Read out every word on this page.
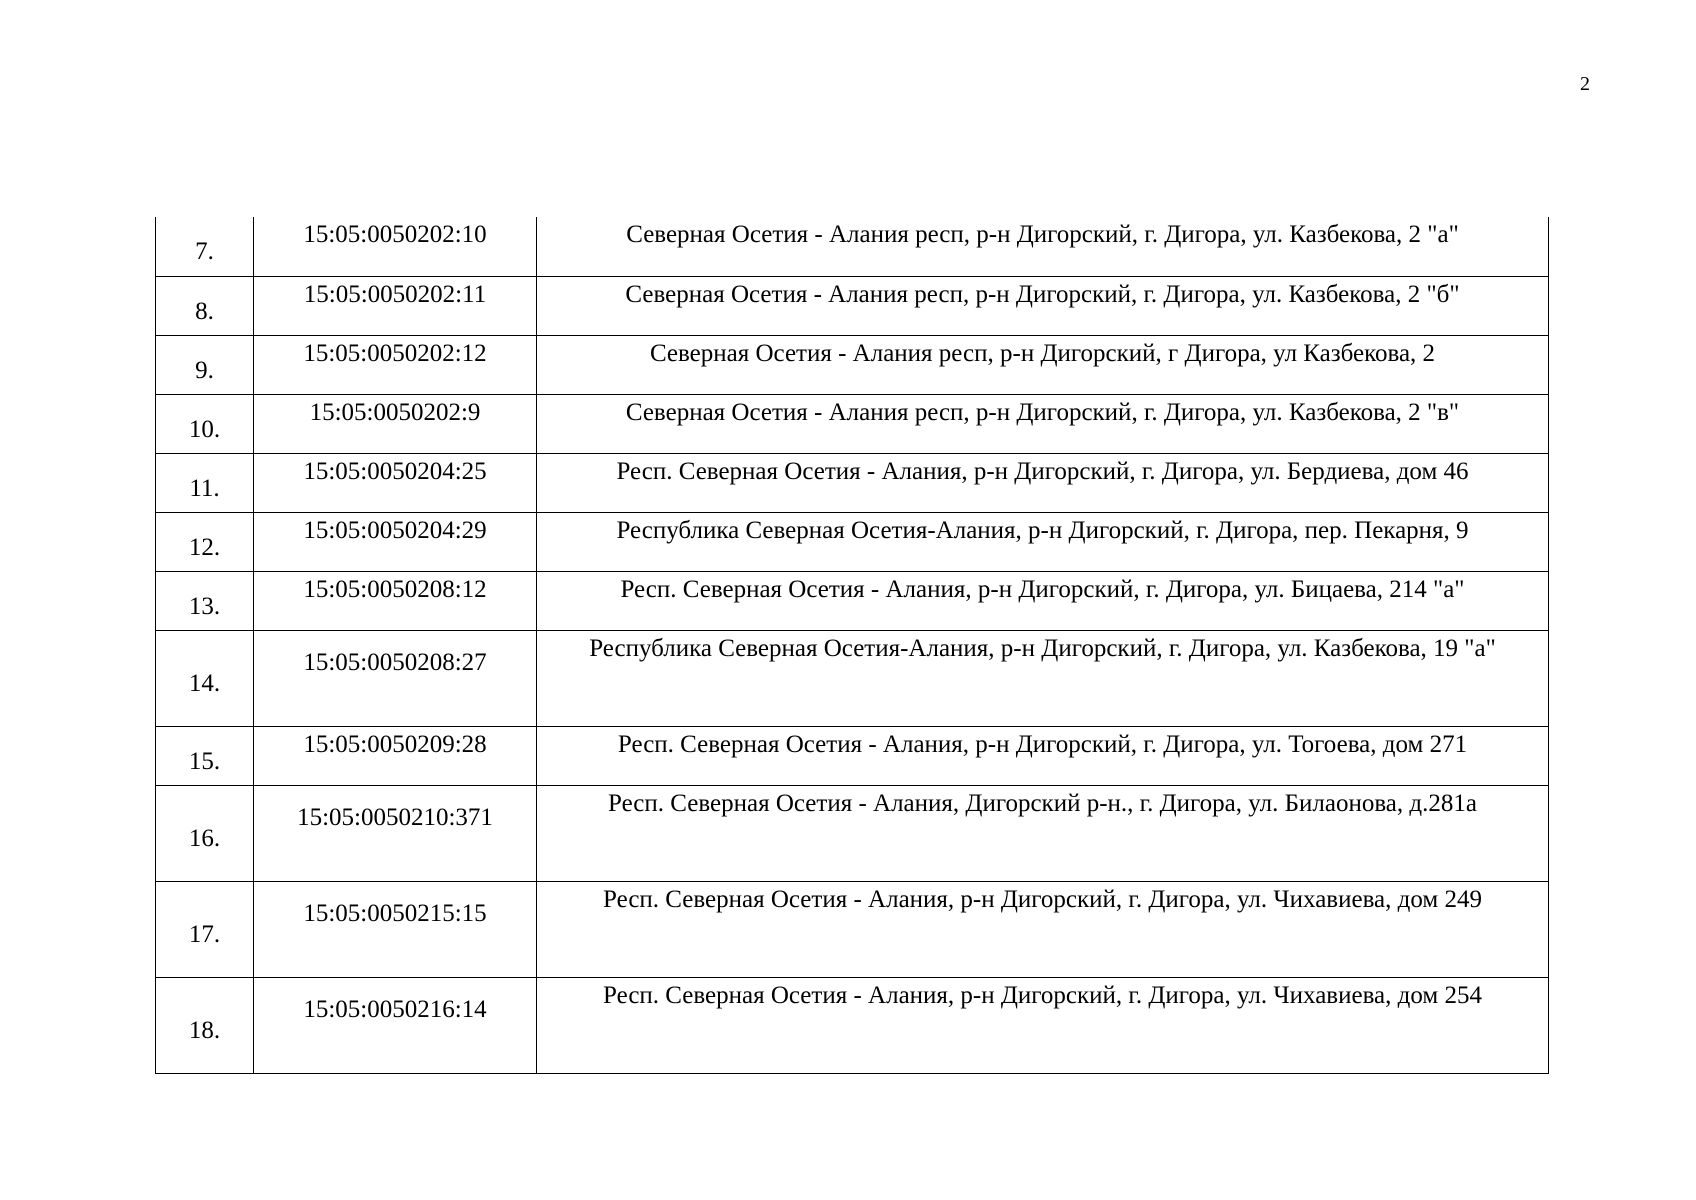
2
7.	15:05:0050202:10	Северная Осетия - Алания респ, р-н Дигорский, г. Дигора, ул. Казбекова, 2 "а"
8.	15:05:0050202:11	Северная Осетия - Алания респ, р-н Дигорский, г. Дигора, ул. Казбекова, 2 "б"
9.	15:05:0050202:12	Северная Осетия - Алания респ, р-н Дигорский, г Дигора, ул Казбекова, 2
10.	15:05:0050202:9	Северная Осетия - Алания респ, р-н Дигорский, г. Дигора, ул. Казбекова, 2 "в"
11.	15:05:0050204:25	Респ. Северная Осетия - Алания, р-н Дигорский, г. Дигора, ул. Бердиева, дом 46
12.	15:05:0050204:29	Республика Северная Осетия-Алания, р-н Дигорский, г. Дигора, пер. Пекарня, 9
13.	15:05:0050208:12	Респ. Северная Осетия - Алания, р-н Дигорский, г. Дигора, ул. Бицаева, 214 "а"
14.	15:05:0050208:27	Республика Северная Осетия-Алания, р-н Дигорский, г. Дигора, ул. Казбекова, 19 "а"
15.	15:05:0050209:28	Респ. Северная Осетия - Алания, р-н Дигорский, г. Дигора, ул. Тогоева, дом 271
16.	15:05:0050210:371	Респ. Северная Осетия - Алания, Дигорский р-н., г. Дигора, ул. Билаонова, д.281а
17.	15:05:0050215:15	Респ. Северная Осетия - Алания, р-н Дигорский, г. Дигора, ул. Чихавиева, дом 249
18.	15:05:0050216:14	Респ. Северная Осетия - Алания, р-н Дигорский, г. Дигора, ул. Чихавиева, дом 254
